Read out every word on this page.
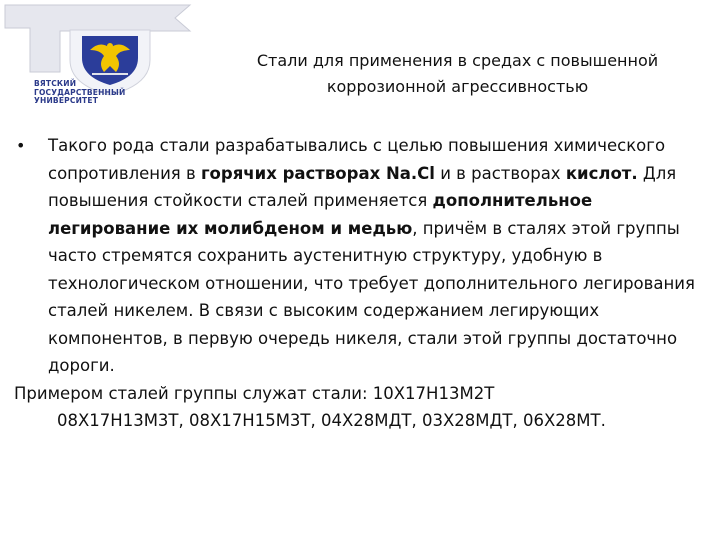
ВЯТСКИЙ
ГОСУДАРСТВЕННЫЙ
УНИВЕРСИТЕТ
Стали для применения в средах с повышенной
коррозионной агрессивностью
• Такого рода стали разрабатывались с целью повышения химического сопротивления в горячих растворах Na.Cl и в растворах кислот. Для повышения стойкости сталей применяется дополнительное легирование их молибденом и медью, причём в сталях этой группы часто стремятся сохранить аустенитную структуру, удобную в технологическом отношении, что требует дополнительного легирования сталей никелем. В связи с высоким содержанием легирующих компонентов, в первую очередь никеля, стали этой группы достаточно дороги.
Примером сталей группы служат стали: 10Х17Н13М2Т
08Х17Н13М3Т, 08Х17Н15М3Т, 04Х28МДТ, 03Х28МДТ, 06Х28МТ.
